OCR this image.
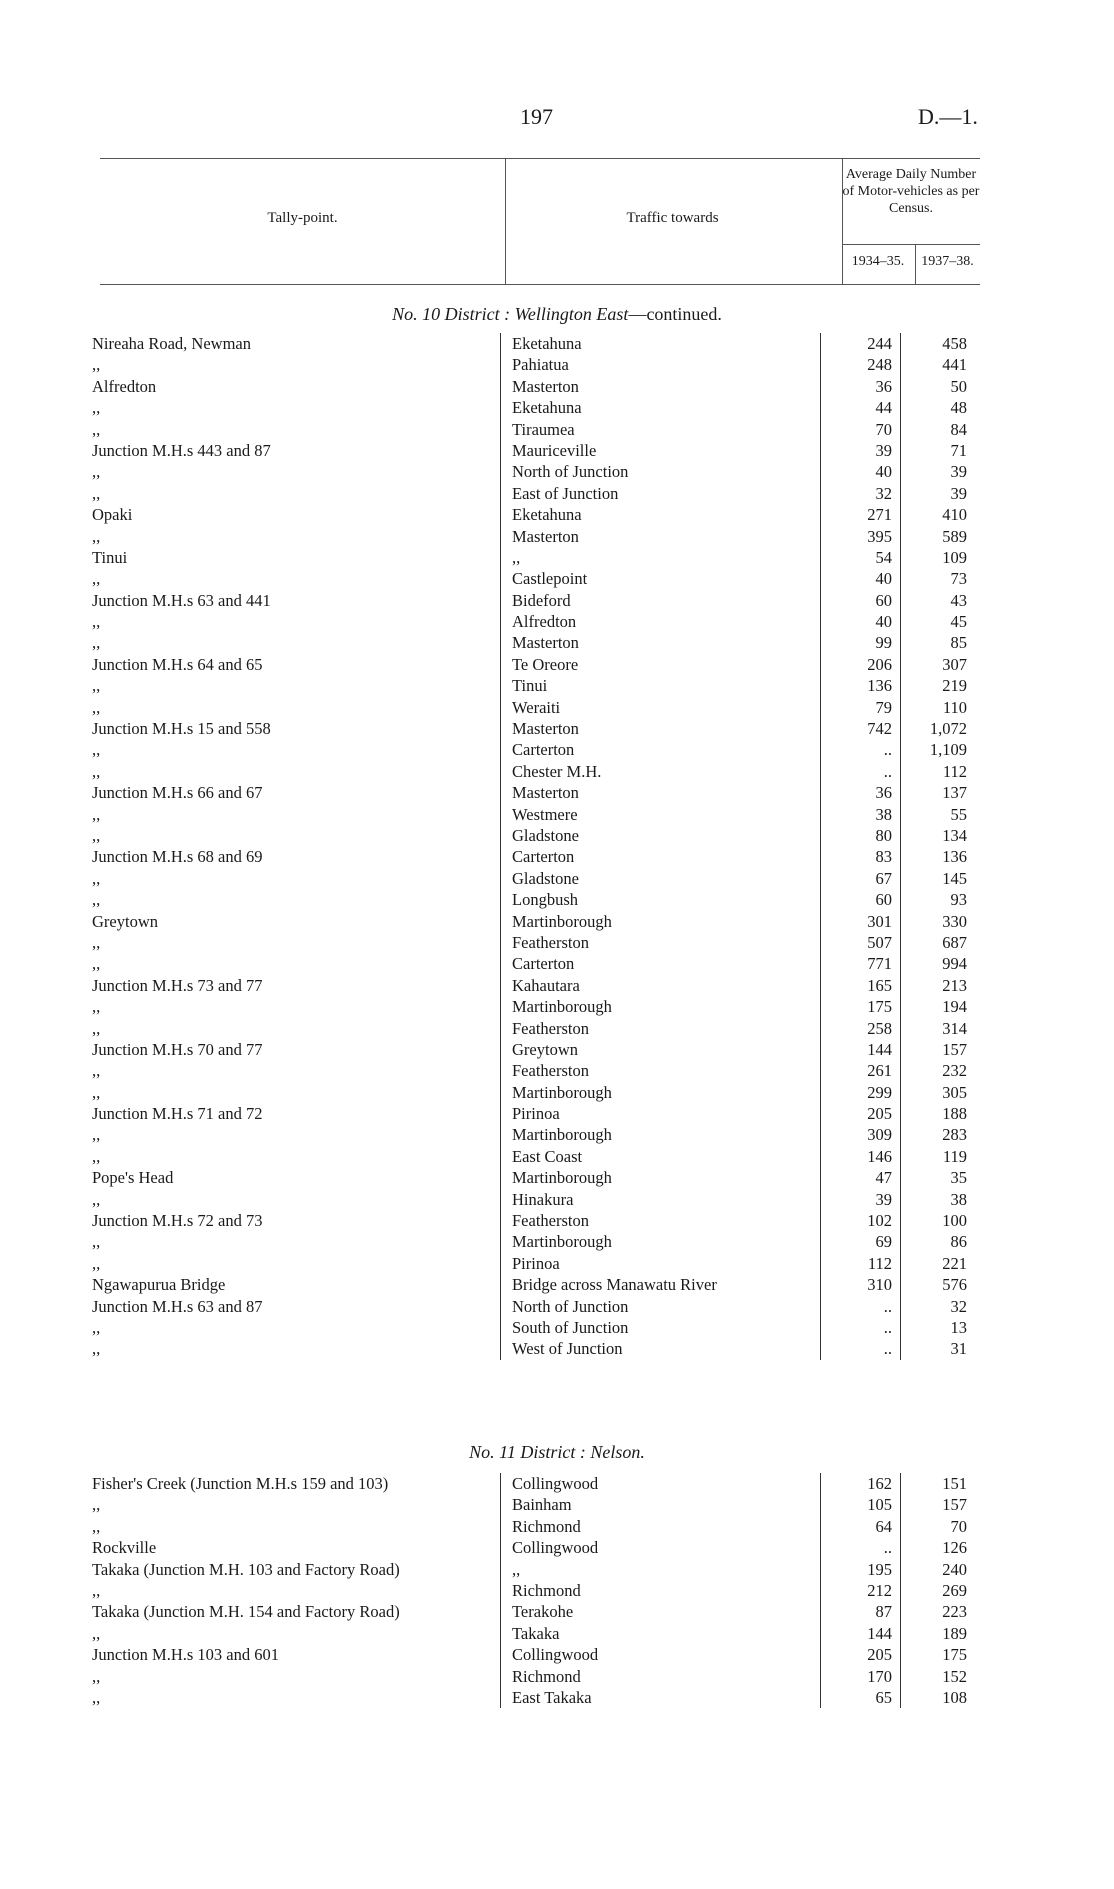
197	D.—1.
Tally-point.	Traffic towards
Average Daily Number of Motor-vehicles as per Census.
1934–35.	1937–38.
No. 10 District : Wellington East—continued.
Nireaha Road, Newman	Eketahuna	244	458
,,	Pahiatua	248	441
Alfredton	Masterton	36	50
,,	Eketahuna	44	48
,,	Tiraumea	70	84
Junction M.H.s 443 and 87	Mauriceville	39	71
,,	North of Junction	40	39
,,	East of Junction	32	39
Opaki	Eketahuna	271	410
,,	Masterton	395	589
Tinui	,,	54	109
,,	Castlepoint	40	73
Junction M.H.s 63 and 441	Bideford	60	43
,,	Alfredton	40	45
,,	Masterton	99	85
Junction M.H.s 64 and 65	Te Oreore	206	307
,,	Tinui	136	219
,,	Weraiti	79	110
Junction M.H.s 15 and 558	Masterton	742	1,072
,,	Carterton	..	1,109
,,	Chester M.H.	..	112
Junction M.H.s 66 and 67	Masterton	36	137
,,	Westmere	38	55
,,	Gladstone	80	134
Junction M.H.s 68 and 69	Carterton	83	136
,,	Gladstone	67	145
,,	Longbush	60	93
Greytown	Martinborough	301	330
,,	Featherston	507	687
,,	Carterton	771	994
Junction M.H.s 73 and 77	Kahautara	165	213
,,	Martinborough	175	194
,,	Featherston	258	314
Junction M.H.s 70 and 77	Greytown	144	157
,,	Featherston	261	232
,,	Martinborough	299	305
Junction M.H.s 71 and 72	Pirinoa	205	188
,,	Martinborough	309	283
,,	East Coast	146	119
Pope's Head	Martinborough	47	35
,,	Hinakura	39	38
Junction M.H.s 72 and 73	Featherston	102	100
,,	Martinborough	69	86
,,	Pirinoa	112	221
Ngawapurua Bridge	Bridge across Manawatu River	310	576
Junction M.H.s 63 and 87	North of Junction	..	32
,,	South of Junction	..	13
,,	West of Junction	..	31
No. 11 District : Nelson.
Fisher's Creek (Junction M.H.s 159 and 103)	Collingwood	162	151
,,	Bainham	105	157
,,	Richmond	64	70
Rockville	Collingwood	..	126
Takaka (Junction M.H. 103 and Factory Road)	,,	195	240
,,	Richmond	212	269
Takaka (Junction M.H. 154 and Factory Road)	Terakohe	87	223
,,	Takaka	144	189
Junction M.H.s 103 and 601	Collingwood	205	175
,,	Richmond	170	152
,,	East Takaka	65	108
